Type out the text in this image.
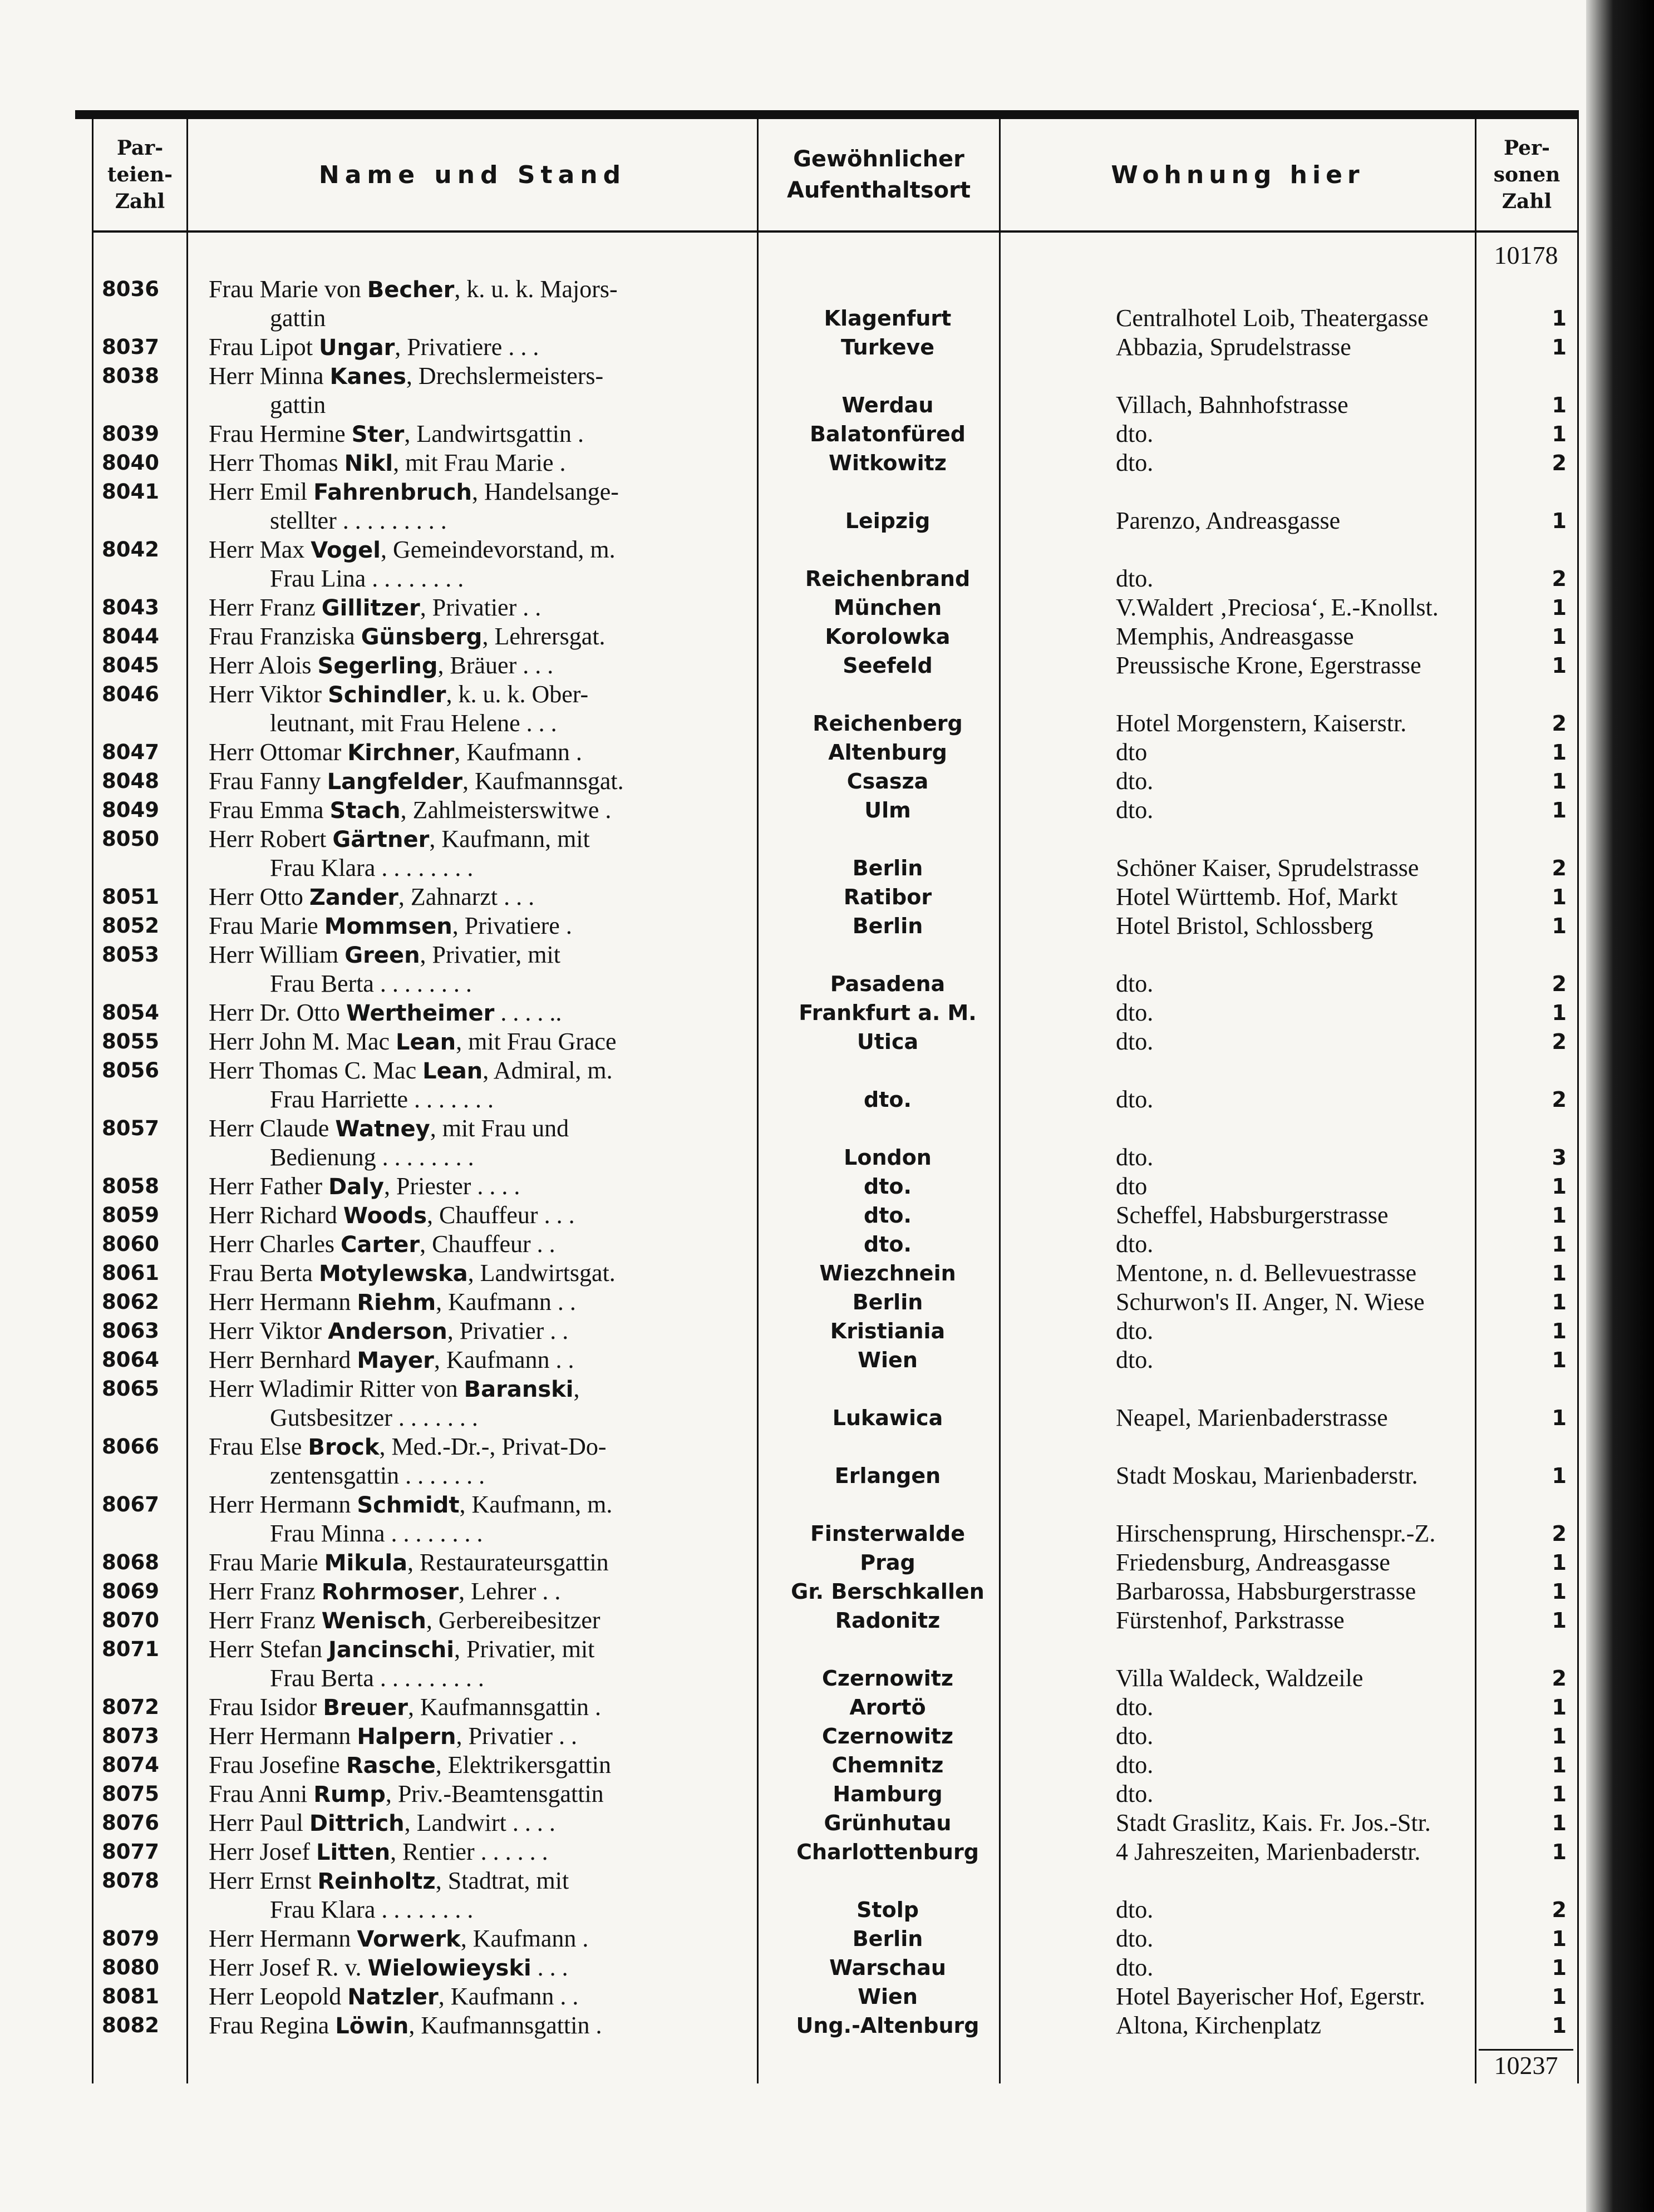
Par-
teien-
Zahl
Name und Stand
Gewöhnlicher
Aufenthaltsort
Wohnung hier
Per-
sonen
Zahl
10178
8036	Frau Marie von Becher, k. u. k. Majors-
gattin	Klagenfurt	Centralhotel Loib, Theatergasse	1
8037	Frau Lipot Ungar, Privatiere . . .	Turkeve	Abbazia, Sprudelstrasse	1
8038	Herr Minna Kanes, Drechslermeisters-
gattin	Werdau	Villach, Bahnhofstrasse	1
8039	Frau Hermine Ster, Landwirtsgattin .	Balatonfüred	dto.	1
8040	Herr Thomas Nikl, mit Frau Marie .	Witkowitz	dto.	2
8041	Herr Emil Fahrenbruch, Handelsange-
stellter . . . . . . . . .	Leipzig	Parenzo, Andreasgasse	1
8042	Herr Max Vogel, Gemeindevorstand, m.
Frau Lina . . . . . . . .	Reichenbrand	dto.	2
8043	Herr Franz Gillitzer, Privatier . .	München	V.Waldert ‚Preciosa‘, E.-Knollst.	1
8044	Frau Franziska Günsberg, Lehrersgat.	Korolowka	Memphis, Andreasgasse	1
8045	Herr Alois Segerling, Bräuer . . .	Seefeld	Preussische Krone, Egerstrasse	1
8046	Herr Viktor Schindler, k. u. k. Ober-
leutnant, mit Frau Helene . . .	Reichenberg	Hotel Morgenstern, Kaiserstr.	2
8047	Herr Ottomar Kirchner, Kaufmann .	Altenburg	dto	1
8048	Frau Fanny Langfelder, Kaufmannsgat.	Csasza	dto.	1
8049	Frau Emma Stach, Zahlmeisterswitwe .	Ulm	dto.	1
8050	Herr Robert Gärtner, Kaufmann, mit
Frau Klara . . . . . . . .	Berlin	Schöner Kaiser, Sprudelstrasse	2
8051	Herr Otto Zander, Zahnarzt . . .	Ratibor	Hotel Württemb. Hof, Markt	1
8052	Frau Marie Mommsen, Privatiere .	Berlin	Hotel Bristol, Schlossberg	1
8053	Herr William Green, Privatier, mit
Frau Berta . . . . . . . .	Pasadena	dto.	2
8054	Herr Dr. Otto Wertheimer . . . . ..	Frankfurt a. M.	dto.	1
8055	Herr John M. Mac Lean, mit Frau Grace	Utica	dto.	2
8056	Herr Thomas C. Mac Lean, Admiral, m.
Frau Harriette . . . . . . .	dto.	dto.	2
8057	Herr Claude Watney, mit Frau und
Bedienung . . . . . . . .	London	dto.	3
8058	Herr Father Daly, Priester . . . .	dto.	dto	1
8059	Herr Richard Woods, Chauffeur . . .	dto.	Scheffel, Habsburgerstrasse	1
8060	Herr Charles Carter, Chauffeur . .	dto.	dto.	1
8061	Frau Berta Motylewska, Landwirtsgat.	Wiezchnein	Mentone, n. d. Bellevuestrasse	1
8062	Herr Hermann Riehm, Kaufmann . .	Berlin	Schurwon's II. Anger, N. Wiese	1
8063	Herr Viktor Anderson, Privatier . .	Kristiania	dto.	1
8064	Herr Bernhard Mayer, Kaufmann . .	Wien	dto.	1
8065	Herr Wladimir Ritter von Baranski,
Gutsbesitzer . . . . . . .	Lukawica	Neapel, Marienbaderstrasse	1
8066	Frau Else Brock, Med.-Dr.-, Privat-Do-
zentensgattin . . . . . . .	Erlangen	Stadt Moskau, Marienbaderstr.	1
8067	Herr Hermann Schmidt, Kaufmann, m.
Frau Minna . . . . . . . .	Finsterwalde	Hirschensprung, Hirschenspr.-Z.	2
8068	Frau Marie Mikula, Restaurateursgattin	Prag	Friedensburg, Andreasgasse	1
8069	Herr Franz Rohrmoser, Lehrer . .	Gr. Berschkallen	Barbarossa, Habsburgerstrasse	1
8070	Herr Franz Wenisch, Gerbereibesitzer	Radonitz	Fürstenhof, Parkstrasse	1
8071	Herr Stefan Jancinschi, Privatier, mit
Frau Berta . . . . . . . . .	Czernowitz	Villa Waldeck, Waldzeile	2
8072	Frau Isidor Breuer, Kaufmannsgattin .	Arortö	dto.	1
8073	Herr Hermann Halpern, Privatier . .	Czernowitz	dto.	1
8074	Frau Josefine Rasche, Elektrikersgattin	Chemnitz	dto.	1
8075	Frau Anni Rump, Priv.-Beamtensgattin	Hamburg	dto.	1
8076	Herr Paul Dittrich, Landwirt . . . .	Grünhutau	Stadt Graslitz, Kais. Fr. Jos.-Str.	1
8077	Herr Josef Litten, Rentier . . . . . .	Charlottenburg	4 Jahreszeiten, Marienbaderstr.	1
8078	Herr Ernst Reinholtz, Stadtrat, mit
Frau Klara . . . . . . . .	Stolp	dto.	2
8079	Herr Hermann Vorwerk, Kaufmann .	Berlin	dto.	1
8080	Herr Josef R. v. Wielowieyski . . .	Warschau	dto.	1
8081	Herr Leopold Natzler, Kaufmann . .	Wien	Hotel Bayerischer Hof, Egerstr.	1
8082	Frau Regina Löwin, Kaufmannsgattin .	Ung.-Altenburg	Altona, Kirchenplatz	1
10237
